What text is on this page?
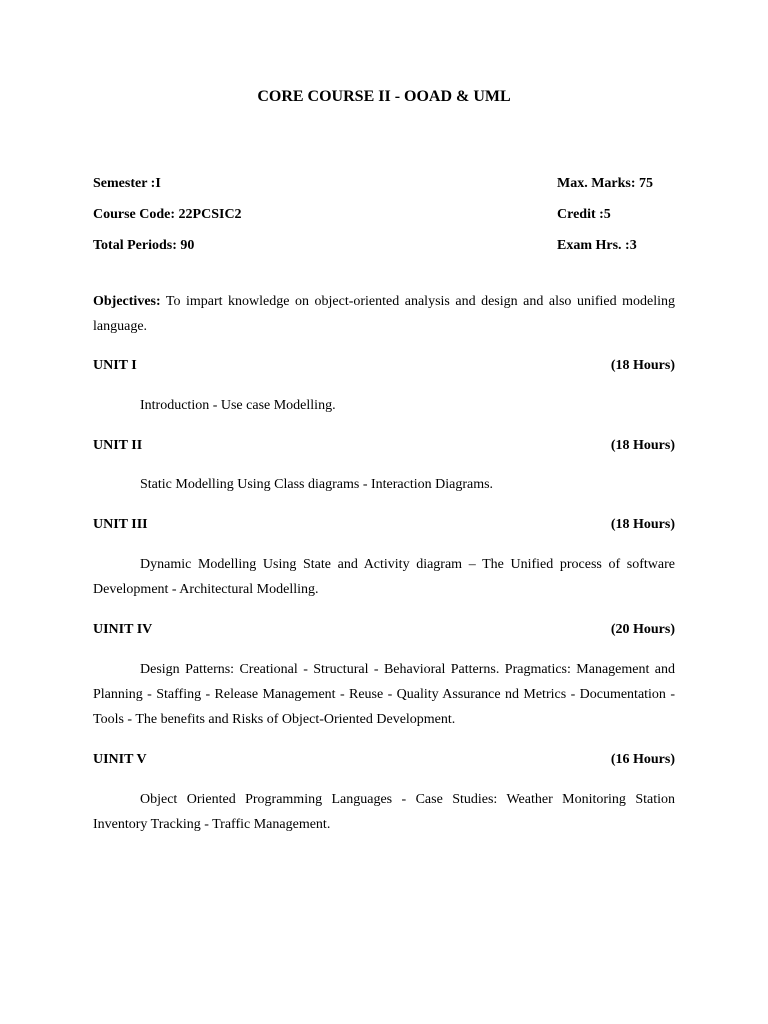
CORE COURSE II - OOAD & UML
Semester :I	Max. Marks: 75
Course Code: 22PCSIC2	Credit :5
Total Periods: 90	Exam Hrs. :3
Objectives: To impart knowledge on object-oriented analysis and design and also unified modeling language.
UNIT I	(18 Hours)
Introduction - Use case Modelling.
UNIT II	(18 Hours)
Static Modelling Using Class diagrams - Interaction Diagrams.
UNIT III	(18 Hours)
Dynamic Modelling Using State and Activity diagram – The Unified process of software Development - Architectural Modelling.
UINIT IV	(20 Hours)
Design Patterns: Creational - Structural - Behavioral Patterns. Pragmatics: Management and Planning - Staffing - Release Management - Reuse - Quality Assurance nd Metrics - Documentation - Tools - The benefits and Risks of Object-Oriented Development.
UINIT V	(16 Hours)
Object Oriented Programming Languages - Case Studies: Weather Monitoring Station Inventory Tracking - Traffic Management.
